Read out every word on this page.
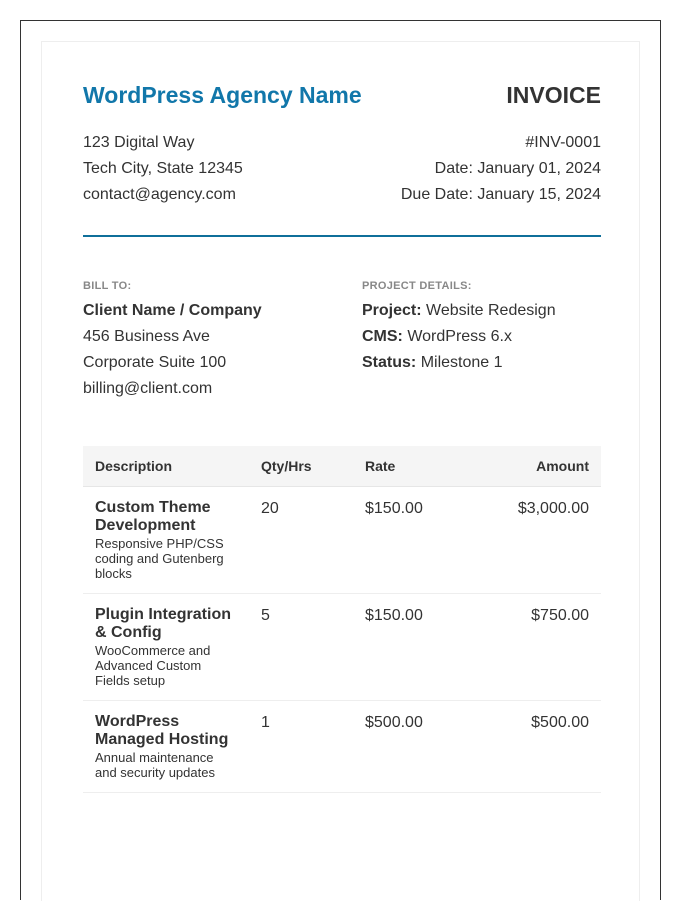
WordPress Agency Name	INVOICE
123 Digital Way
Tech City, State 12345
contact@agency.com
#INV-0001
Date: January 01, 2024
Due Date: January 15, 2024
BILL TO:
Client Name / Company
456 Business Ave
Corporate Suite 100
billing@client.com
PROJECT DETAILS:
Project: Website Redesign
CMS: WordPress 6.x
Status: Milestone 1
Description	Qty/Hrs	Rate	Amount

Custom Theme Development
Responsive PHP/CSS coding and Gutenberg blocks	20	$150.00	$3,000.00

Plugin Integration & Config
WooCommerce and Advanced Custom Fields setup	5	$150.00	$750.00

WordPress Managed Hosting
Annual maintenance and security updates	1	$500.00	$500.00
